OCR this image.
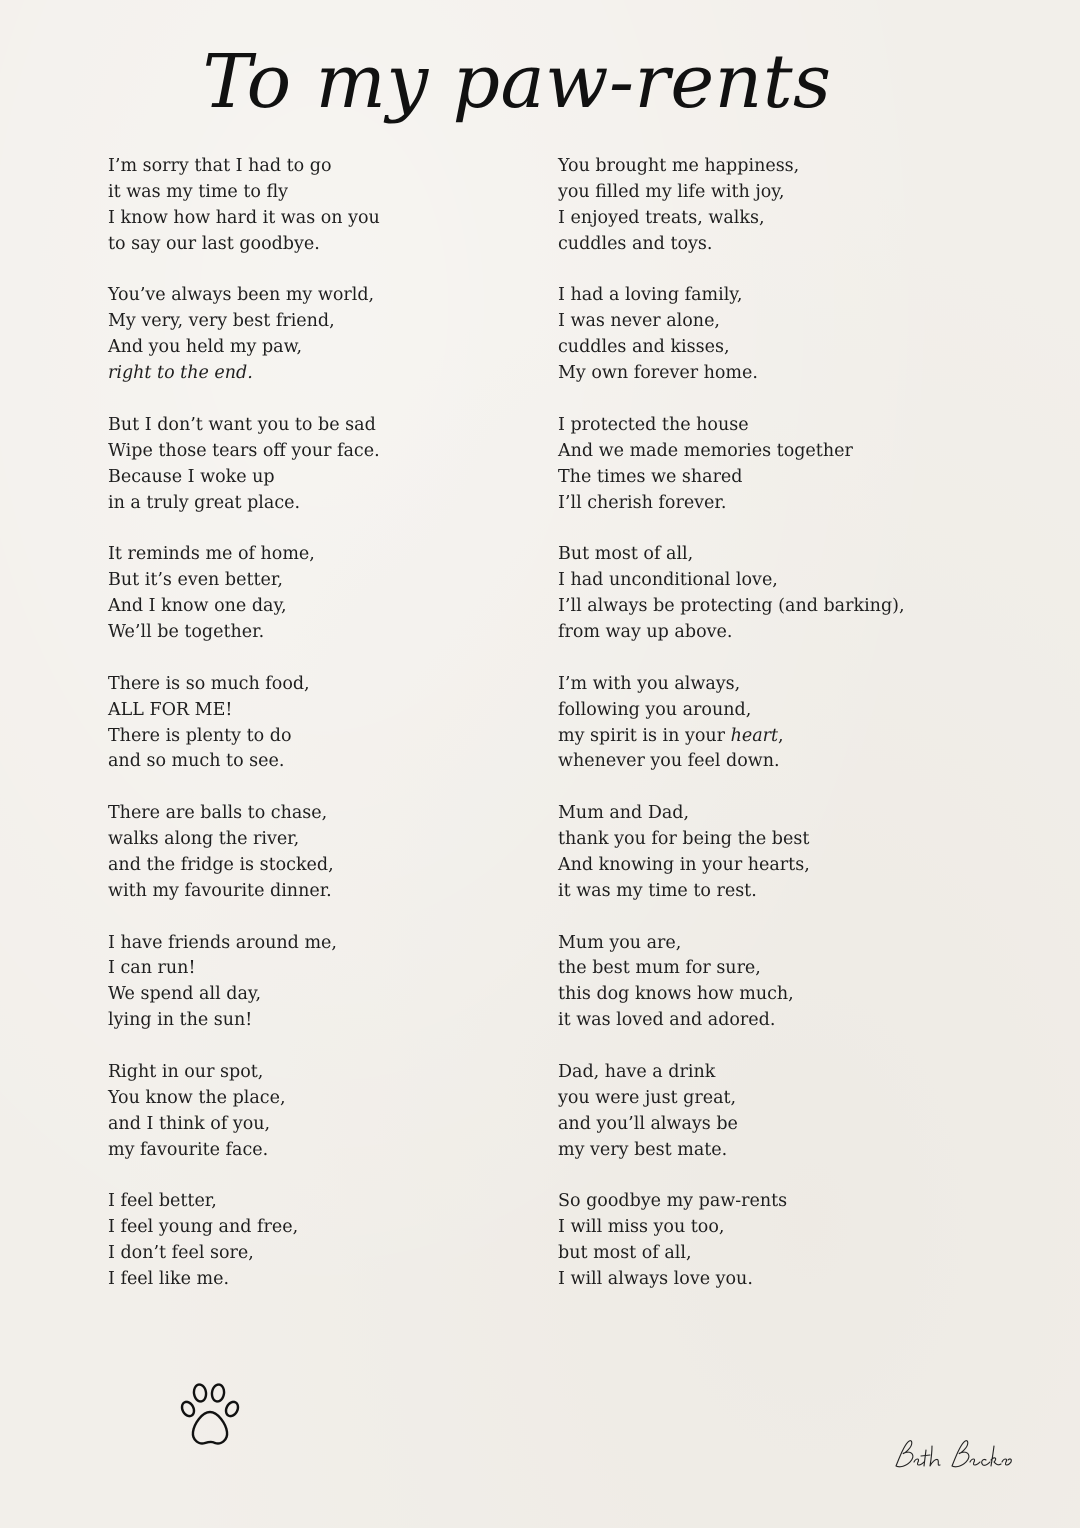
To my paw-rents
I’m sorry that I had to go
it was my time to fly
I know how hard it was on you
to say our last goodbye.
You’ve always been my world,
My very, very best friend,
And you held my paw,
right to the end.
But I don’t want you to be sad
Wipe those tears off your face.
Because I woke up
in a truly great place.
It reminds me of home,
But it’s even better,
And I know one day,
We’ll be together.
There is so much food,
ALL FOR ME!
There is plenty to do
and so much to see.
There are balls to chase,
walks along the river,
and the fridge is stocked,
with my favourite dinner.
I have friends around me,
I can run!
We spend all day,
lying in the sun!
Right in our spot,
You know the place,
and I think of you,
my favourite face.
I feel better,
I feel young and free,
I don’t feel sore,
I feel like me.
You brought me happiness,
you filled my life with joy,
I enjoyed treats, walks,
cuddles and toys.
I had a loving family,
I was never alone,
cuddles and kisses,
My own forever home.
I protected the house
And we made memories together
The times we shared
I’ll cherish forever.
But most of all,
I had unconditional love,
I’ll always be protecting (and barking),
from way up above.
I’m with you always,
following you around,
my spirit is in your heart,
whenever you feel down.
Mum and Dad,
thank you for being the best
And knowing in your hearts,
it was my time to rest.
Mum you are,
the best mum for sure,
this dog knows how much,
it was loved and adored.
Dad, have a drink
you were just great,
and you’ll always be
my very best mate.
So goodbye my paw-rents
I will miss you too,
but most of all,
I will always love you.
